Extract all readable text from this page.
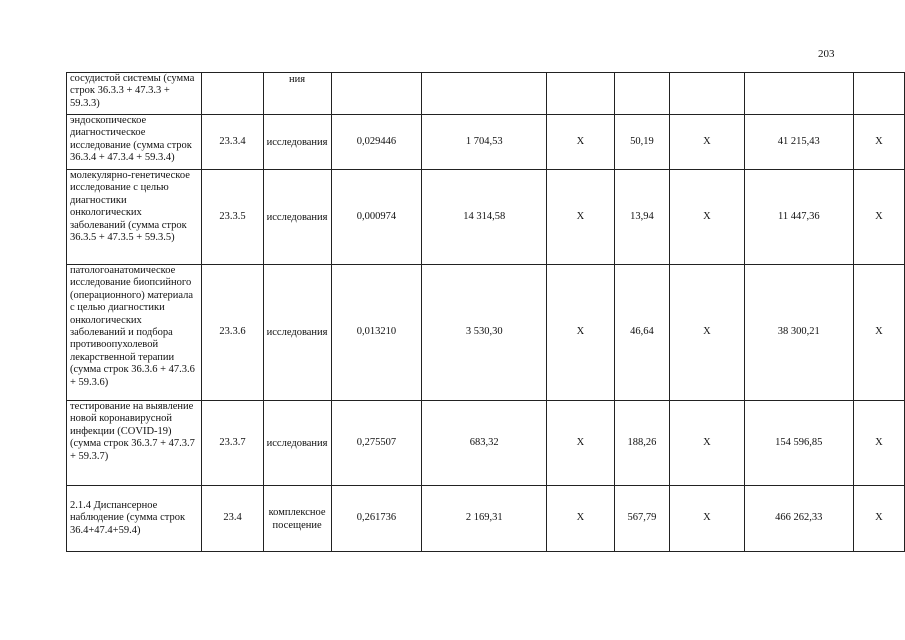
203
сосудистой системы (сумма строк 36.3.3 + 47.3.3 + 59.3.3)		ния							
эндоскопическое диагностическое исследование (сумма строк 36.3.4 + 47.3.4 + 59.3.4)	23.3.4	исследования	0,029446	1 704,53	X	50,19	X	41 215,43	X
молекулярно-генетическое исследование с целью диагностики онкологических заболеваний (сумма строк 36.3.5 + 47.3.5 + 59.3.5)	23.3.5	исследования	0,000974	14 314,58	X	13,94	X	11 447,36	X
патологоанатомическое исследование биопсийного (операционного) материала с целью диагностики онкологических заболеваний и подбора противоопухолевой лекарственной терапии (сумма строк 36.3.6 + 47.3.6 + 59.3.6)	23.3.6	исследования	0,013210	3 530,30	X	46,64	X	38 300,21	X
тестирование на выявление новой коронавирусной инфекции (COVID-19) (сумма строк 36.3.7 + 47.3.7 + 59.3.7)	23.3.7	исследования	0,275507	683,32	X	188,26	X	154 596,85	X
2.1.4 Диспансерное наблюдение (сумма строк 36.4+47.4+59.4)	23.4	комплексное посещение	0,261736	2 169,31	X	567,79	X	466 262,33	X
